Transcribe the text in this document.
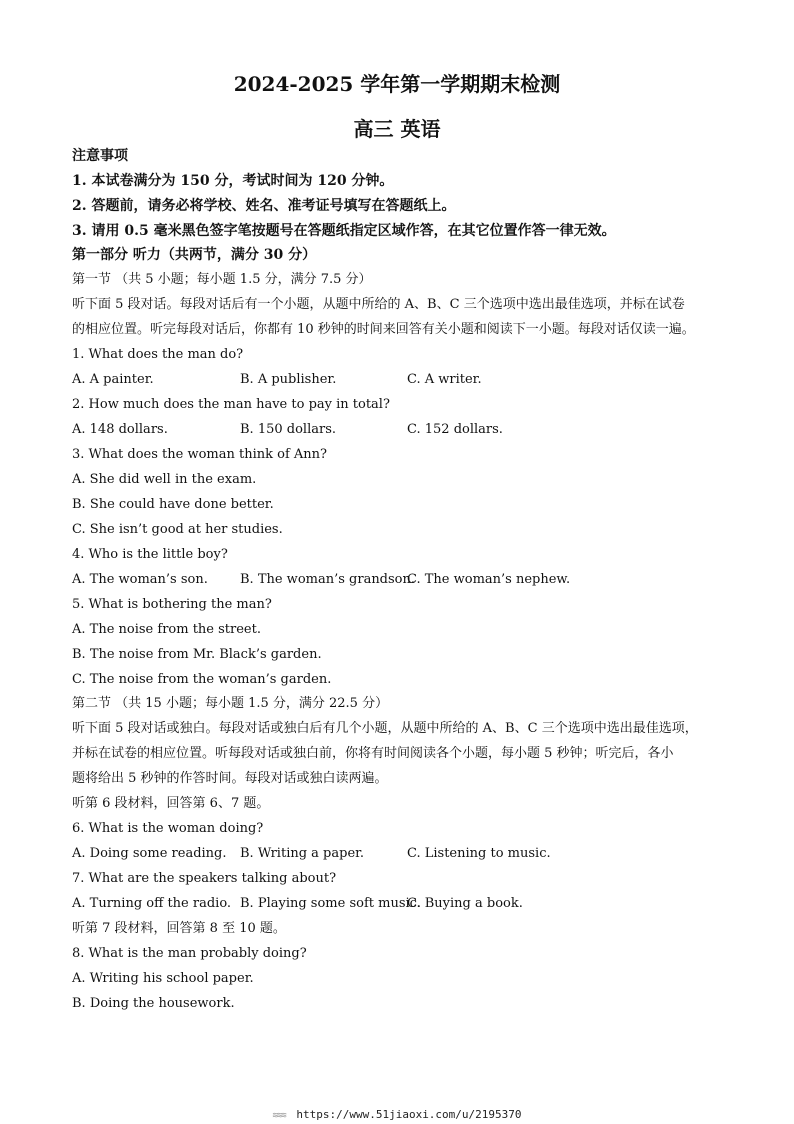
2024-2025 学年第一学期期末检测
高三 英语
注意事项
1. 本试卷满分为 150 分，考试时间为 120 分钟。
2. 答题前，请务必将学校、姓名、准考证号填写在答题纸上。
3. 请用 0.5 毫米黑色签字笔按题号在答题纸指定区域作答，在其它位置作答一律无效。
第一部分 听力（共两节，满分 30 分）
第一节 （共 5 小题；每小题 1.5 分，满分 7.5 分）
听下面 5 段对话。每段对话后有一个小题，从题中所给的 A、B、C 三个选项中选出最佳选项，并标在试卷
的相应位置。听完每段对话后，你都有 10 秒钟的时间来回答有关小题和阅读下一小题。每段对话仅读一遍。
1. What does the man do?
A. A painter.	B. A publisher.	C. A writer.
2. How much does the man have to pay in total?
A. 148 dollars.	B. 150 dollars.	C. 152 dollars.
3. What does the woman think of Ann?
A. She did well in the exam.
B. She could have done better.
C. She isn’t good at her studies.
4. Who is the little boy?
A. The woman’s son. B. The woman’s grandson.
C. The woman’s nephew.
5. What is bothering the man?
A. The noise from the street.
B. The noise from Mr. Black’s garden.
C. The noise from the woman’s garden.
第二节 （共 15 小题；每小题 1.5 分，满分 22.5 分）
听下面 5 段对话或独白。每段对话或独白后有几个小题，从题中所给的 A、B、C 三个选项中选出最佳选项，
并标在试卷的相应位置。听每段对话或独白前，你将有时间阅读各个小题，每小题 5 秒钟；听完后，各小
题将给出 5 秒钟的作答时间。每段对话或独白读两遍。
听第 6 段材料，回答第 6、7 题。
6. What is the woman doing?
A. Doing some reading. B. Writing a paper.	C. Listening to music.
7. What are the speakers talking about?
A. Turning off the radio. B. Playing some soft music.
C. Buying a book.
听第 7 段材料，回答第 8 至 10 题。
8. What is the man probably doing?
A. Writing his school paper.
B. Doing the housework.
≋≋≋ https://www.51jiaoxi.com/u/2195370
